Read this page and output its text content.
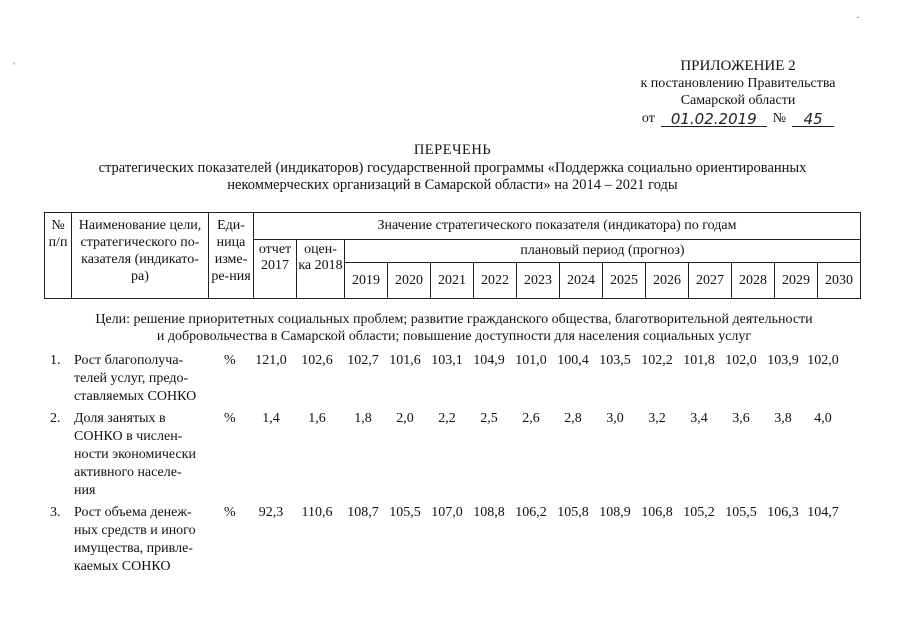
·
ˈ	ПРИЛОЖЕНИЕ 2
к постановлению Правительства
Самарской области
от	01.02.2019	№	45
ПЕРЕЧЕНЬ
стратегических показателей (индикаторов) государственной программы «Поддержка социально ориентированных
некоммерческих организаций в Самарской области» на 2014 – 2021 годы
№ п/п	Наименование цели, стратегического по-казателя (индикато-ра)	Еди-ница изме-ре-ния	Значение стратегического показателя (индикатора) по годам													
			отчет 2017	оцен-ка 2018	плановый период (прогноз)											
					2019	2020	2021	2022	2023	2024	2025	2026	2027	2028	2029	2030
Цели: решение приоритетных социальных проблем; развитие гражданского общества, благотворительной деятельности
и добровольчества в Самарской области; повышение доступности для населения социальных услуг
1. Рост благополуча-
телей услуг, предо-
ставляемых СОНКО
%	121,0	102,6	102,7 101,6 103,1 104,9 101,0 100,4 103,5 102,2 101,8 102,0 103,9 102,0
2. Доля занятых в
СОНКО в числен-
ности экономически
активного населе-
ния
%	1,4	1,6	1,8	2,0	2,2	2,5	2,6	2,8	3,0	3,2	3,4	3,6	3,8	4,0
3. Рост объема денеж-
ных средств и иного
имущества, привле-
каемых СОНКО
%	92,3	110,6	108,7 105,5 107,0 108,8 106,2 105,8 108,9 106,8 105,2 105,5 106,3 104,7
